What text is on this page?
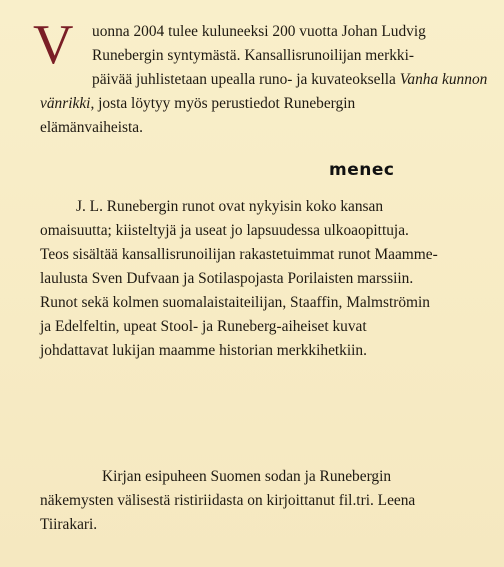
V	uonna 2004 tulee kuluneeksi 200 vuotta Johan Ludvig
Runebergin syntymästä. Kansallisrunoilijan merkki-
päivää juhlistetaan upealla runo- ja kuvateoksella Vanha kunnon
vänrikki, josta löytyy myös perustiedot Runebergin
elämänvaiheista.

menec

J. L. Runebergin runot ovat nykyisin koko kansan
omaisuutta; kiisteltyjä ja useat jo lapsuudessa ulkoaopittuja.
Teos sisältää kansallisrunoilijan rakastetuimmat runot Maamme-
laulusta Sven Dufvaan ja Sotilaspojasta Porilaisten marssiin.
Runot sekä kolmen suomalaistaiteilijan, Staaffin, Malmströmin
ja Edelfeltin, upeat Stool- ja Runeberg-aiheiset kuvat
johdattavat lukijan maamme historian merkkihetkiin.

Kirjan esipuheen Suomen sodan ja Runebergin
näkemysten välisestä ristiriidasta on kirjoittanut fil.tri. Leena
Tiirakari.
